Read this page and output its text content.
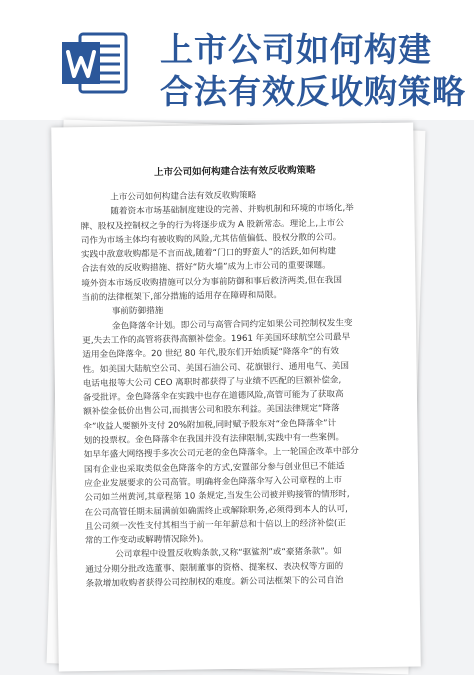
上市公司如何构建
合法有效反收购策略
上市公司如何构建合法有效反收购策略
上市公司如何构建合法有效反收购策略
随着资本市场基础制度建设的完善、并购机制和环境的市场化,举
牌、股权及控制权之争的行为将逐步成为 A 股新常态。理论上,上市公
司作为市场主体均有被收购的风险,尤其估值偏低、股权分散的公司。
实践中敌意收购都是不言而战,随着“门口的野蛮人”的活跃,如何构建
合法有效的反收购措施、搭好“防火墙”成为上市公司的重要课题。
境外资本市场反收购措施可以分为事前防御和事后救济两类,但在我国
当前的法律框架下,部分措施的适用存在障碍和局限。
事前防御措施
金色降落伞计划。即公司与高管合同约定如果公司控制权发生变
更,失去工作的高管将获得高额补偿金。1961 年美国环球航空公司最早
适用金色降落伞。20 世纪 80 年代,股东们开始质疑“降落伞”的有效
性。如美国大陆航空公司、美国石油公司、花旗银行、通用电气、美国
电话电报等大公司 CEO 离职时都获得了与业绩不匹配的巨额补偿金,
备受批评。金色降落伞在实践中也存在道德风险,高管可能为了获取高
额补偿金低价出售公司,而损害公司和股东利益。美国法律规定“降落
伞”收益人要额外支付 20%附加税,同时赋予股东对“金色降落伞”计
划的投票权。金色降落伞在我国并没有法律限制,实践中有一些案例。
如早年盛大网络搜手多次公司元老的金色降落伞。上一轮国企改革中部分
国有企业也采取类似金色降落伞的方式,安置部分参与创业但已不能适
应企业发展要求的公司高管。明确将金色降落伞写入公司章程的上市
公司如兰州黄河,其章程第 10 条规定,当发生公司被并购接管的情形时,
在公司高管任期未届满前如确需终止或解除职务,必须得到本人的认可,
且公司须一次性支付其相当于前一年年薪总和十倍以上的经济补偿(正
常的工作变动或解聘情况除外)。
公司章程中设置反收购条款,又称“驱鲨剂”或“豪猪条款”。如
通过分期分批改选董事、限制董事的资格、提案权、表决权等方面的
条款增加收购者获得公司控制权的难度。新公司法框架下的公司自治
